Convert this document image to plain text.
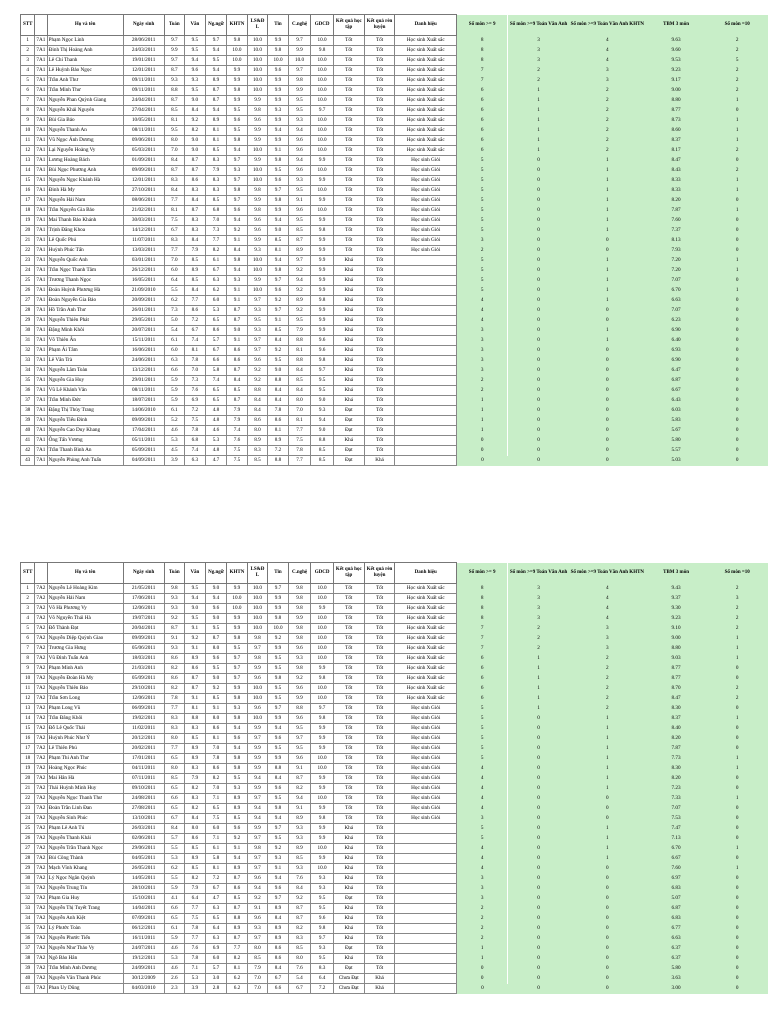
STT		Họ và tên	Ngày sinh	Toán	Văn	Ng.ngữ	KHTN	LS&Đ L	Tin	C.nghệ	GDCD	Kết quả học tập	Kết quả rèn luyện	Danh hiệu	Số môn >= 9	Số môn >=9 Toán Văn Anh	Số môn >=9 Toán Văn Anh KHTN	TBM 3 môn	Số môn =10
1	7A1	Phạm Ngọc Linh	28/06/2011	9.7	9.5	9.7	9.8	10.0	9.9	9.7	10.0	Tốt	Tốt	Học sinh Xuất sắc	8	3	4	9.63	2
2	7A1	Đinh Thị Hoàng Anh	24/03/2011	9.9	9.5	9.4	10.0	10.0	9.8	9.9	9.8	Tốt	Tốt	Học sinh Xuất sắc	8	3	4	9.60	2
3	7A1	Lê Chí Thanh	19/01/2011	9.7	9.4	9.5	10.0	10.0	10.0	10.0	10.0	Tốt	Tốt	Học sinh Xuất sắc	8	3	4	9.53	5
4	7A1	Lê Huỳnh Bảo Ngọc	12/01/2011	8.7	9.6	9.4	9.9	10.0	9.6	9.7	10.0	Tốt	Tốt	Học sinh Xuất sắc	7	2	3	9.23	2
5	7A1	Trần Anh Thư	09/11/2011	9.3	9.3	8.9	9.9	10.0	9.9	9.8	10.0	Tốt	Tốt	Học sinh Xuất sắc	7	2	3	9.17	2
6	7A1	Trần Minh Thư	09/11/2011	8.8	9.5	8.7	9.8	10.0	9.9	9.9	10.0	Tốt	Tốt	Học sinh Xuất sắc	6	1	2	9.00	2
7	7A1	Nguyễn Phan Quỳnh Giang	24/04/2011	8.7	9.0	8.7	9.9	9.9	9.9	9.5	10.0	Tốt	Tốt	Học sinh Xuất sắc	6	1	2	8.80	1
8	7A1	Nguyễn Khải Nguyên	27/04/2011	8.5	8.4	9.4	9.5	9.8	9.3	9.5	9.7	Tốt	Tốt	Học sinh Xuất sắc	6	1	2	8.77	0
9	7A1	Bùi Gia Bảo	10/05/2011	8.1	9.2	8.9	9.6	9.6	9.9	9.3	10.0	Tốt	Tốt	Học sinh Xuất sắc	6	1	2	8.73	1
10	7A1	Nguyễn Thanh An	08/11/2011	9.5	8.2	8.1	9.5	9.9	9.4	9.4	10.0	Tốt	Tốt	Học sinh Xuất sắc	6	1	2	8.60	1
11	7A1	Vũ Ngọc Ánh Dương	09/06/2011	8.0	9.0	8.1	9.8	9.9	9.9	9.6	10.0	Tốt	Tốt	Học sinh Xuất sắc	6	1	2	8.37	1
12	7A1	Lại Nguyễn Hoàng Vy	05/03/2011	7.0	9.0	8.5	9.4	10.0	9.1	9.6	10.0	Tốt	Tốt	Học sinh Xuất sắc	6	1	2	8.17	2
13	7A1	Lương Hoàng Bách	01/09/2011	8.4	8.7	8.3	9.7	9.9	9.8	9.4	9.9	Tốt	Tốt	Học sinh Giỏi	5	0	1	8.47	0
14	7A1	Bùi Ngọc Phương Anh	09/09/2011	8.7	8.7	7.9	9.3	10.0	9.5	9.6	10.0	Tốt	Tốt	Học sinh Giỏi	5	0	1	8.43	2
15	7A1	Nguyễn Ngọc Khánh Hà	12/01/2011	8.3	8.6	8.3	9.7	10.0	9.6	9.3	9.9	Tốt	Tốt	Học sinh Giỏi	5	0	1	8.33	1
16	7A1	Đinh Hà My	27/10/2011	8.4	8.3	8.3	9.8	9.8	9.7	9.5	10.0	Tốt	Tốt	Học sinh Giỏi	5	0	1	8.33	1
17	7A1	Nguyễn Hải Nam	08/06/2011	7.7	8.4	8.5	9.7	9.9	9.8	9.1	9.9	Tốt	Tốt	Học sinh Giỏi	5	0	1	8.20	0
18	7A1	Trần Nguyễn Gia Bảo	21/02/2011	8.1	8.7	6.8	9.6	9.8	9.9	9.6	10.0	Tốt	Tốt	Học sinh Giỏi	5	0	1	7.87	1
19	7A1	Mai Thanh Bảo Khánh	30/03/2011	7.5	8.3	7.0	9.4	9.6	9.4	9.5	9.9	Tốt	Tốt	Học sinh Giỏi	5	0	1	7.60	0
20	7A1	Trịnh Đăng Khoa	14/12/2011	6.7	8.3	7.3	9.2	9.6	9.0	8.5	9.8	Tốt	Tốt	Học sinh Giỏi	5	0	1	7.37	0
21	7A1	Lê Quốc Phú	11/07/2011	8.3	8.4	7.7	9.1	9.9	8.5	8.7	9.9	Tốt	Tốt	Học sinh Giỏi	3	0	0	8.13	0
22	7A1	Huỳnh Phúc Tấn	13/03/2011	7.7	7.9	8.2	8.4	9.3	8.1	8.9	9.9	Tốt	Tốt	Học sinh Giỏi	2	0	0	7.93	0
23	7A1	Nguyễn Quốc Anh	03/01/2011	7.0	8.5	6.1	9.8	10.0	9.4	9.7	9.9	Khá	Tốt		5	0	1	7.20	1
24	7A1	Trần Ngọc Thanh Tâm	26/12/2011	6.0	8.9	6.7	9.4	10.0	9.8	9.2	9.9	Khá	Tốt		5	0	1	7.20	1
25	7A1	Trương Thanh Ngọc	16/05/2011	6.4	8.5	6.3	9.3	9.9	9.7	9.4	9.9	Khá	Tốt		5	0	1	7.07	0
26	7A1	Đoàn Huỳnh Phương Hà	21/09/2010	5.5	8.4	6.2	9.1	10.0	9.6	9.2	9.9	Khá	Tốt		5	0	1	6.70	1
27	7A1	Đoàn Nguyễn Gia Bảo	20/09/2011	6.2	7.7	6.0	9.1	9.7	9.2	8.9	9.8	Khá	Tốt		4	0	1	6.63	0
28	7A1	Hồ Trần Anh Thư	26/01/2011	7.3	8.6	5.3	8.7	9.3	9.7	9.2	9.9	Khá	Tốt		4	0	0	7.07	0
29	7A1	Nguyễn Thiên Phát	29/05/2011	5.0	7.2	6.5	8.7	9.5	9.1	9.5	9.9	Khá	Tốt		4	0	0	6.23	0
30	7A1	Đặng Minh Khôi	20/07/2011	5.4	6.7	8.6	9.0	9.3	8.5	7.9	9.9	Khá	Tốt		3	0	1	6.90	0
31	7A1	Võ Thiên Ân	15/11/2011	6.1	7.4	5.7	9.1	9.7	8.4	8.8	9.6	Khá	Tốt		3	0	1	6.40	0
32	7A1	Phạm Ái Tâm	16/06/2011	6.0	8.1	6.7	8.6	9.7	9.2	8.1	9.6	Khá	Tốt		3	0	0	6.93	0
33	7A1	Lê Văn Trà	24/06/2011	6.3	7.8	6.6	8.6	9.6	9.5	8.8	9.8	Khá	Tốt		3	0	0	6.90	0
34	7A1	Nguyễn Lâm Toàn	13/12/2011	6.6	7.0	5.8	8.7	9.2	9.0	8.4	9.7	Khá	Tốt		3	0	0	6.47	0
35	7A1	Nguyễn Gia Huy	29/01/2011	5.9	7.3	7.4	8.4	9.2	8.8	8.5	9.5	Khá	Tốt		2	0	0	6.87	0
36	7A1	Vũ Lê Khánh Vân	08/11/2011	5.9	7.6	6.5	8.5	8.8	8.4	8.4	9.5	Khá	Tốt		2	0	0	6.67	0
37	7A1	Trần Minh Đức	18/07/2011	5.9	6.9	6.5	8.7	8.4	8.4	8.0	9.0	Khá	Tốt		1	0	0	6.43	0
38	7A1	Đặng Thị Thủy Trang	14/06/2010	6.1	7.2	4.8	7.9	8.4	7.8	7.0	9.3	Đạt	Tốt		1	0	0	6.03	0
39	7A1	Nguyễn Tiểu Đình	09/09/2011	5.2	7.5	4.8	7.9	8.6	8.6	8.1	9.4	Đạt	Tốt		1	0	0	5.83	0
40	7A1	Nguyễn Cao Duy Khang	17/04/2011	4.6	7.8	4.6	7.4	8.0	8.1	7.7	9.0	Đạt	Tốt		1	0	0	5.67	0
41	7A1	Ông Tấn Vương	05/11/2011	5.3	6.8	5.3	7.6	8.9	8.9	7.5	8.8	Khá	Tốt		0	0	0	5.80	0
42	7A1	Trần Thanh Bình An	05/09/2011	4.5	7.4	4.8	7.5	8.3	7.2	7.8	8.5	Đạt	Tốt		0	0	0	5.57	0
43	7A1	Nguyễn Phùng Anh Tuấn	04/09/2011	3.9	6.3	4.7	7.5	8.5	8.8	7.7	8.5	Đạt	Khá		0	0	0	5.03	0
STT		Họ và tên	Ngày sinh	Toán	Văn	Ng.ngữ	KHTN	LS&Đ L	Tin	C.nghệ	GDCD	Kết quả học tập	Kết quả rèn luyện	Danh hiệu	Số môn >= 9	Số môn >=9 Toán Văn Anh	Số môn >=9 Toán Văn Anh KHTN	TBM 3 môn	Số môn =10
1	7A2	Nguyễn Lê Hoàng Kim	21/05/2011	9.8	9.5	9.0	9.9	10.0	9.7	9.8	10.0	Tốt	Tốt	Học sinh Xuất sắc	8	3	4	9.43	2
2	7A2	Nguyễn Hải Nam	17/06/2011	9.3	9.4	9.4	10.0	10.0	9.9	9.8	10.0	Tốt	Tốt	Học sinh Xuất sắc	8	3	4	9.37	3
3	7A2	Võ Hà Phương Vy	12/06/2011	9.3	9.0	9.6	10.0	10.0	9.9	9.8	9.9	Tốt	Tốt	Học sinh Xuất sắc	8	3	4	9.30	2
4	7A2	Võ Nguyễn Thái Hà	19/07/2011	9.2	9.5	9.0	9.9	10.0	9.8	9.9	10.0	Tốt	Tốt	Học sinh Xuất sắc	8	3	4	9.23	2
5	7A2	Đỗ Thành Đạt	20/04/2011	8.7	9.1	9.5	9.9	10.0	10.0	9.8	10.0	Tốt	Tốt	Học sinh Xuất sắc	7	2	3	9.10	2
6	7A2	Nguyễn Diệp Quỳnh Giao	09/09/2011	9.1	9.2	8.7	9.8	9.8	9.2	9.8	10.0	Tốt	Tốt	Học sinh Xuất sắc	7	2	3	9.00	1
7	7A2	Trương Gia Hưng	05/06/2011	9.3	9.1	8.0	9.5	9.7	9.9	9.6	10.0	Tốt	Tốt	Học sinh Xuất sắc	7	2	3	8.80	1
8	7A2	Vũ Đình Tuấn Anh	18/03/2011	8.6	8.9	9.6	9.7	9.8	9.5	9.3	10.0	Tốt	Tốt	Học sinh Xuất sắc	6	1	2	9.03	1
9	7A2	Phạm Minh Anh	21/03/2011	8.2	8.6	9.5	9.7	9.9	9.5	9.8	9.9	Tốt	Tốt	Học sinh Xuất sắc	6	1	2	8.77	0
10	7A2	Nguyễn Đoàn Hà My	05/09/2011	8.6	8.7	9.0	9.7	9.6	9.8	9.2	9.8	Tốt	Tốt	Học sinh Xuất sắc	6	1	2	8.77	0
11	7A2	Nguyễn Thiên Bảo	29/10/2011	8.2	8.7	9.2	9.9	10.0	9.5	9.6	10.0	Tốt	Tốt	Học sinh Xuất sắc	6	1	2	8.70	2
12	7A2	Trần Sơn Long	12/06/2011	7.8	9.1	8.5	9.8	10.0	9.5	9.9	10.0	Tốt	Tốt	Học sinh Xuất sắc	6	1	2	8.47	2
13	7A2	Phạm Long Vũ	06/09/2011	7.7	8.1	9.1	9.3	9.6	9.7	8.8	9.7	Tốt	Tốt	Học sinh Giỏi	5	1	2	8.30	0
14	7A2	Trần Đăng Khôi	19/02/2011	8.3	8.8	8.0	9.8	10.0	9.9	9.6	9.8	Tốt	Tốt	Học sinh Giỏi	5	0	1	8.37	1
15	7A2	Đỗ Lê Quốc Thái	11/02/2011	8.3	8.3	8.6	9.4	9.9	9.4	9.5	9.9	Tốt	Tốt	Học sinh Giỏi	5	0	1	8.40	0
16	7A2	Huỳnh Phúc Như Ý	20/12/2011	8.0	8.5	8.1	9.6	9.7	9.6	9.7	9.9	Tốt	Tốt	Học sinh Giỏi	5	0	1	8.20	0
17	7A2	Lê Thiên Phú	20/02/2011	7.7	8.9	7.0	9.4	9.9	9.5	9.5	9.9	Tốt	Tốt	Học sinh Giỏi	5	0	1	7.87	0
18	7A2	Phạm Thi Anh Thư	17/01/2011	6.5	8.9	7.8	9.8	9.9	9.9	9.6	10.0	Tốt	Tốt	Học sinh Giỏi	5	0	1	7.73	1
19	7A2	Hoàng Ngọc Phúc	04/11/2011	8.0	8.3	8.6	9.8	9.9	8.8	9.1	10.0	Tốt	Tốt	Học sinh Giỏi	4	0	1	8.30	1
20	7A2	Mai Hân Hà	07/11/2011	8.5	7.9	8.2	9.5	9.4	8.4	8.7	9.9	Tốt	Tốt	Học sinh Giỏi	4	0	1	8.20	0
21	7A2	Thái Huỳnh Minh Huy	09/10/2011	6.5	8.2	7.0	9.3	9.9	9.6	8.2	9.9	Tốt	Tốt	Học sinh Giỏi	4	0	1	7.23	0
22	7A2	Nguyễn Ngọc Thanh Thư	24/08/2011	6.6	8.3	7.1	8.9	9.7	9.5	9.4	10.0	Tốt	Tốt	Học sinh Giỏi	4	0	0	7.33	1
23	7A2	Đoàn Trần Linh Đan	27/08/2011	6.5	8.2	6.5	8.9	9.4	9.8	9.1	9.9	Tốt	Tốt	Học sinh Giỏi	4	0	0	7.07	0
24	7A2	Nguyễn Sinh Phúc	13/10/2011	6.7	8.4	7.5	8.5	9.4	9.4	8.9	9.8	Tốt	Tốt	Học sinh Giỏi	3	0	0	7.53	0
25	7A2	Phạm Lê Anh Tú	26/03/2011	8.4	8.0	6.0	9.6	9.9	9.7	9.3	9.9	Khá	Tốt		5	0	1	7.47	0
26	7A2	Nguyễn Thanh Khải	02/06/2011	5.7	8.6	7.1	9.2	9.7	9.5	9.3	9.9	Khá	Tốt		5	0	1	7.13	0
27	7A2	Nguyễn Trần Thanh Ngọc	29/06/2011	5.5	8.5	6.1	9.1	9.8	9.2	8.9	10.0	Khá	Tốt		4	0	1	6.70	1
28	7A2	Bùi Công Thành	04/05/2011	5.3	8.9	5.8	9.4	9.7	9.3	8.5	9.9	Khá	Tốt		4	0	1	6.67	0
29	7A2	Mạch Vĩnh Khang	26/05/2011	6.2	8.5	8.1	8.9	9.7	9.1	9.3	10.0	Khá	Tốt		4	0	0	7.60	1
30	7A2	Lý Ngọc Ngân Quỳnh	14/05/2011	5.5	8.2	7.2	8.7	9.6	9.4	7.6	9.3	Khá	Tốt		3	0	0	6.97	0
31	7A2	Nguyễn Trung Tín	28/10/2011	5.9	7.9	6.7	8.6	9.4	9.6	8.4	9.3	Khá	Tốt		3	0	0	6.83	0
32	7A2	Phạm Gia Huy	15/10/2011	4.1	6.4	4.7	8.5	9.2	9.7	9.2	9.5	Đạt	Tốt		3	0	0	5.07	0
33	7A2	Nguyễn Thị Tuyết Trang	14/04/2011	6.6	7.7	6.3	8.7	9.1	8.9	8.7	9.5	Khá	Tốt		2	0	0	6.87	0
34	7A2	Nguyễn Anh Kiệt	07/09/2011	6.5	7.5	6.5	8.8	9.6	8.4	8.7	9.6	Khá	Tốt		2	0	0	6.83	0
35	7A2	Lý Phước Toàn	06/12/2011	6.1	7.8	6.4	8.9	9.3	8.9	8.2	9.8	Khá	Tốt		2	0	0	6.77	0
36	7A2	Nguyễn Phước Tiến	16/11/2011	5.9	7.7	6.3	8.7	9.7	8.9	8.3	9.7	Khá	Tốt		2	0	0	6.63	0
37	7A2	Nguyễn Như Thảo Vy	24/07/2011	4.6	7.6	6.9	7.7	8.0	8.6	8.5	9.3	Đạt	Tốt		1	0	0	6.37	0
38	7A2	Ngô Bảo Hân	19/12/2011	5.3	7.8	6.0	8.2	8.5	8.6	8.0	9.5	Khá	Tốt		1	0	0	6.37	0
39	7A2	Trần Minh Anh Dương	24/09/2011	4.6	7.1	5.7	8.1	7.9	8.4	7.6	8.3	Đạt	Tốt		0	0	0	5.80	0
40	7A2	Nguyễn Văn Thanh Phúc	30/12/2009	2.6	5.3	3.0	6.2	7.0	6.7	5.4	6.4	Chưa Đạt	Khá		0	0	0	3.63	0
41	7A2	Phan Uy Dũng	04/03/2010	2.3	3.9	2.8	6.2	7.0	6.6	6.7	7.2	Chưa Đạt	Khá		0	0	0	3.00	0
